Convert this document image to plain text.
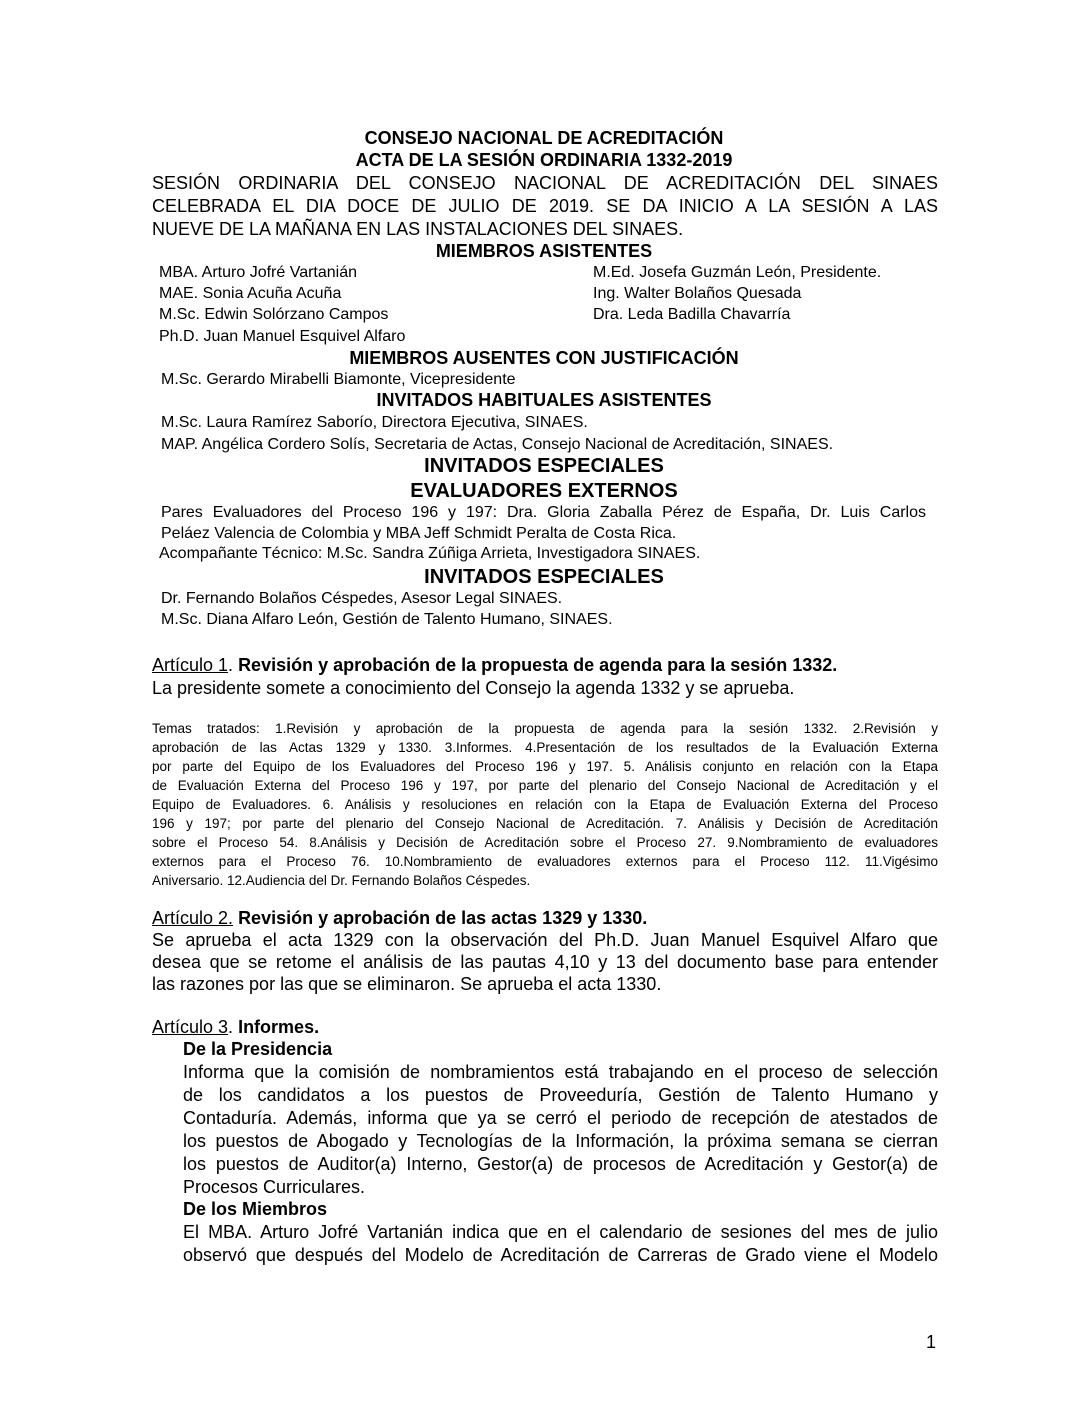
CONSEJO NACIONAL DE ACREDITACIÓN
ACTA DE LA SESIÓN ORDINARIA 1332-2019
SESIÓN ORDINARIA DEL CONSEJO NACIONAL DE ACREDITACIÓN DEL SINAES
CELEBRADA EL DIA DOCE DE JULIO DE 2019. SE DA INICIO A LA SESIÓN A LAS
NUEVE DE LA MAÑANA EN LAS INSTALACIONES DEL SINAES.
MIEMBROS ASISTENTES
MBA. Arturo Jofré Vartanián
MAE. Sonia Acuña Acuña
M.Sc. Edwin Solórzano Campos
Ph.D. Juan Manuel Esquivel Alfaro
M.Ed. Josefa Guzmán León, Presidente.
Ing. Walter Bolaños Quesada
Dra. Leda Badilla Chavarría
MIEMBROS AUSENTES CON JUSTIFICACIÓN
M.Sc. Gerardo Mirabelli Biamonte, Vicepresidente
INVITADOS HABITUALES ASISTENTES
M.Sc. Laura Ramírez Saborío, Directora Ejecutiva, SINAES.
MAP. Angélica Cordero Solís, Secretaria de Actas, Consejo Nacional de Acreditación, SINAES.
INVITADOS ESPECIALES
EVALUADORES EXTERNOS
Pares Evaluadores del Proceso 196 y 197: Dra. Gloria Zaballa Pérez de España, Dr. Luis Carlos
Peláez Valencia de Colombia y MBA Jeff Schmidt Peralta de Costa Rica.
Acompañante Técnico: M.Sc. Sandra Zúñiga Arrieta, Investigadora SINAES.
INVITADOS ESPECIALES
Dr. Fernando Bolaños Céspedes, Asesor Legal SINAES.
M.Sc. Diana Alfaro León, Gestión de Talento Humano, SINAES.
Artículo 1. Revisión y aprobación de la propuesta de agenda para la sesión 1332.
La presidente somete a conocimiento del Consejo la agenda 1332 y se aprueba.
Temas tratados: 1.Revisión y aprobación de la propuesta de agenda para la sesión 1332. 2.Revisión y
aprobación de las Actas 1329 y 1330. 3.Informes. 4.Presentación de los resultados de la Evaluación Externa
por parte del Equipo de los Evaluadores del Proceso 196 y 197. 5. Análisis conjunto en relación con la Etapa
de Evaluación Externa del Proceso 196 y 197, por parte del plenario del Consejo Nacional de Acreditación y el
Equipo de Evaluadores. 6. Análisis y resoluciones en relación con la Etapa de Evaluación Externa del Proceso
196 y 197; por parte del plenario del Consejo Nacional de Acreditación. 7. Análisis y Decisión de Acreditación
sobre el Proceso 54. 8.Análisis y Decisión de Acreditación sobre el Proceso 27. 9.Nombramiento de evaluadores
externos para el Proceso 76. 10.Nombramiento de evaluadores externos para el Proceso 112. 11.Vigésimo
Aniversario. 12.Audiencia del Dr. Fernando Bolaños Céspedes.
Artículo 2. Revisión y aprobación de las actas 1329 y 1330.
Se aprueba el acta 1329 con la observación del Ph.D. Juan Manuel Esquivel Alfaro que
desea que se retome el análisis de las pautas 4,10 y 13 del documento base para entender
las razones por las que se eliminaron. Se aprueba el acta 1330.
Artículo 3. Informes.
De la Presidencia
Informa que la comisión de nombramientos está trabajando en el proceso de selección
de los candidatos a los puestos de Proveeduría, Gestión de Talento Humano y
Contaduría. Además, informa que ya se cerró el periodo de recepción de atestados de
los puestos de Abogado y Tecnologías de la Información, la próxima semana se cierran
los puestos de Auditor(a) Interno, Gestor(a) de procesos de Acreditación y Gestor(a) de
Procesos Curriculares.
De los Miembros
El MBA. Arturo Jofré Vartanián indica que en el calendario de sesiones del mes de julio
observó que después del Modelo de Acreditación de Carreras de Grado viene el Modelo
1
